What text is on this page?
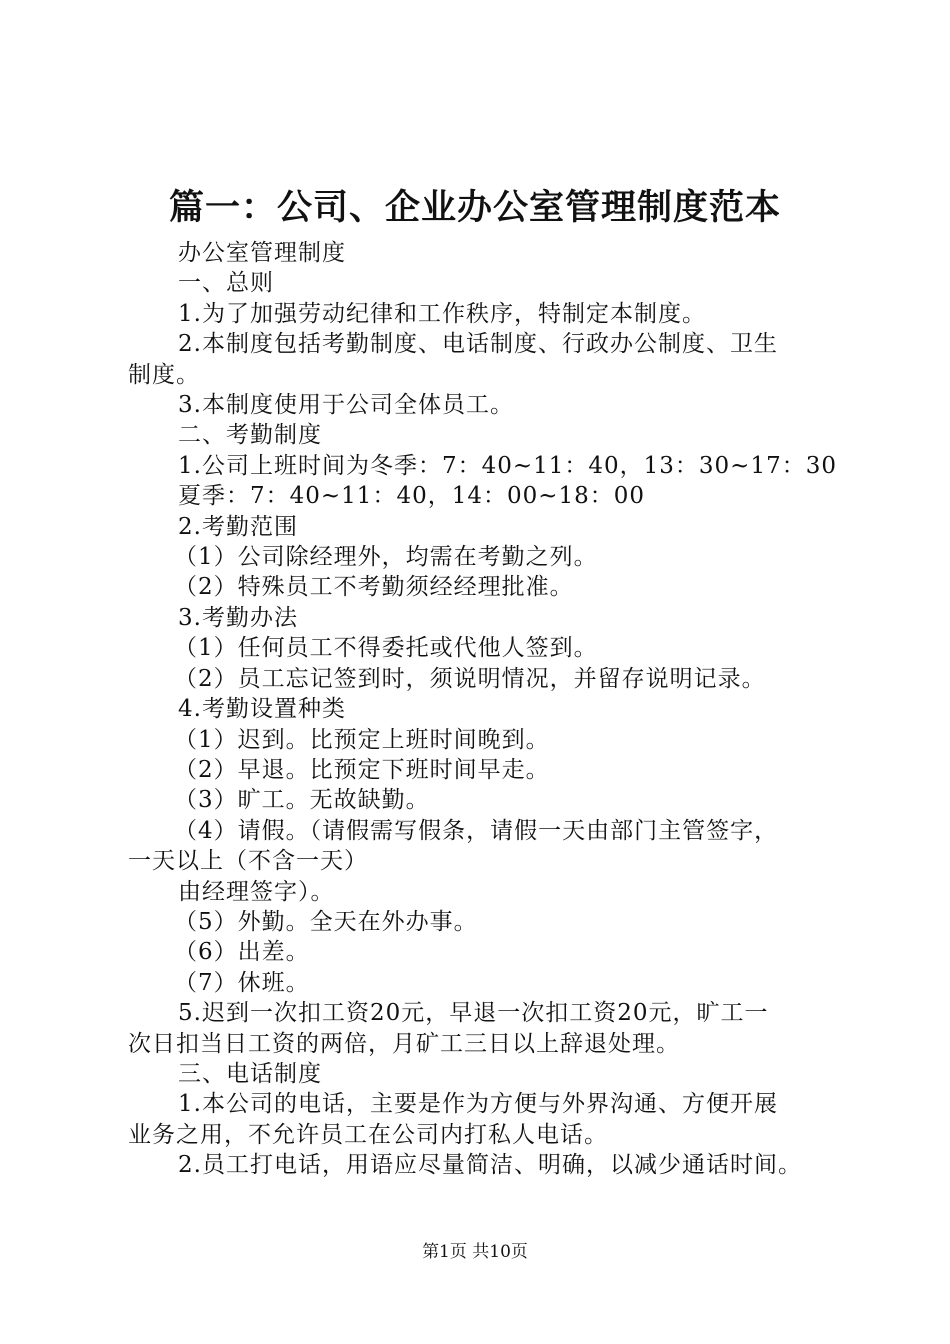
篇一：公司、企业办公室管理制度范本

办公室管理制度

一、总则

1.为了加强劳动纪律和工作秩序，特制定本制度。

2.本制度包括考勤制度、电话制度、行政办公制度、卫生

制度。

3.本制度使用于公司全体员工。

二、考勤制度

1.公司上班时间为冬季：7：40~11：40，13：30~17：30

夏季：7：40~11：40，14：00~18：00

2.考勤范围

（1）公司除经理外，均需在考勤之列。

（2）特殊员工不考勤须经经理批准。

3.考勤办法

（1）任何员工不得委托或代他人签到。

（2）员工忘记签到时，须说明情况，并留存说明记录。

4.考勤设置种类

（1）迟到。比预定上班时间晚到。

（2）早退。比预定下班时间早走。

（3）旷工。无故缺勤。

（4）请假。（请假需写假条，请假一天由部门主管签字，

一天以上（不含一天）

由经理签字）。

（5）外勤。全天在外办事。

（6）出差。

（7）休班。

5.迟到一次扣工资20元，早退一次扣工资20元，旷工一

次日扣当日工资的两倍，月矿工三日以上辞退处理。

三、电话制度

1.本公司的电话，主要是作为方便与外界沟通、方便开展

业务之用，不允许员工在公司内打私人电话。

2.员工打电话，用语应尽量简洁、明确，以减少通话时间。

第1页 共10页
